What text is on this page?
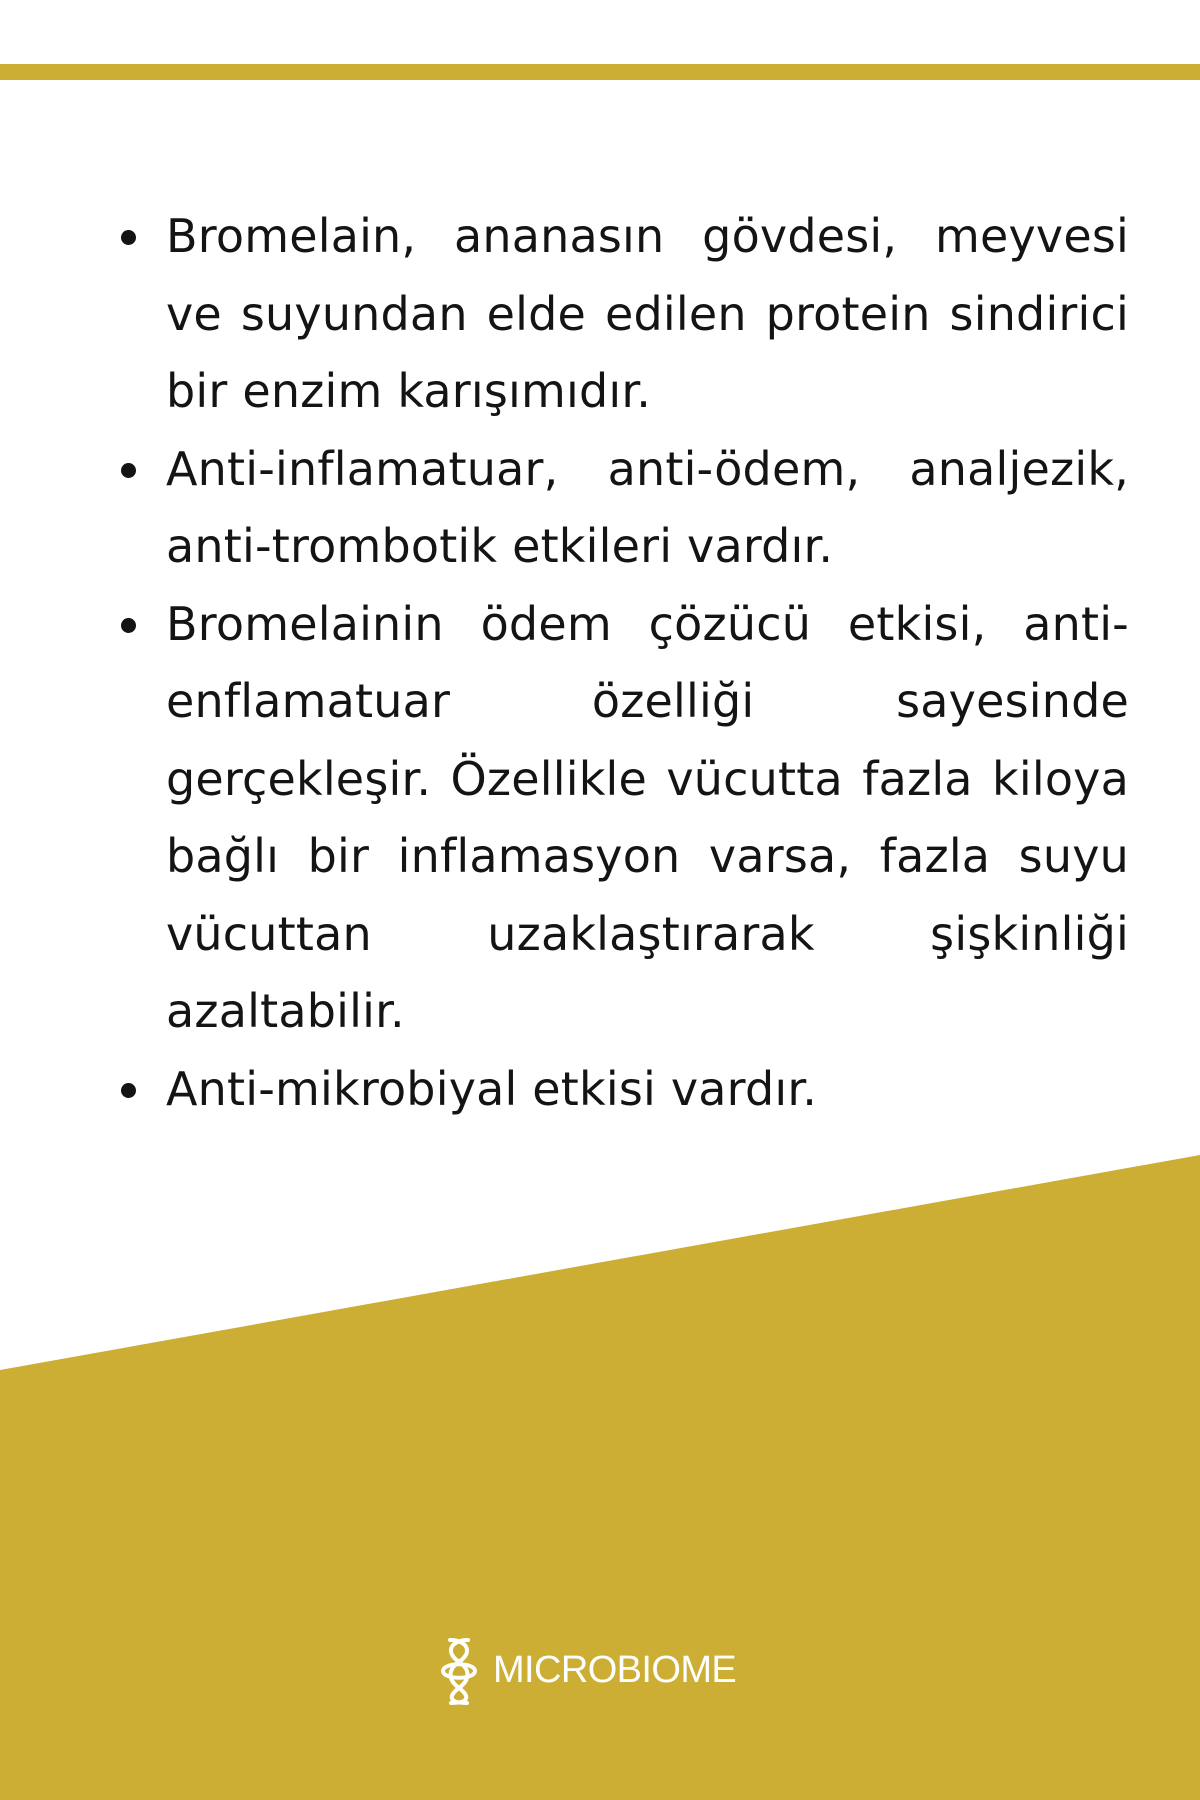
Bromelain, ananasın gövdesi, meyvesi ve suyundan elde edilen protein sindirici bir enzim karışımıdır.
Anti-inflamatuar, anti-ödem, analjezik, anti-trombotik etkileri vardır.
Bromelainin ödem çözücü etkisi, anti-enflamatuar özelliği sayesinde gerçekleşir. Özellikle vücutta fazla kiloya bağlı bir inflamasyon varsa, fazla suyu vücuttan uzaklaştırarak şişkinliği azaltabilir.
Anti-mikrobiyal etkisi vardır.
MICROBIOME
